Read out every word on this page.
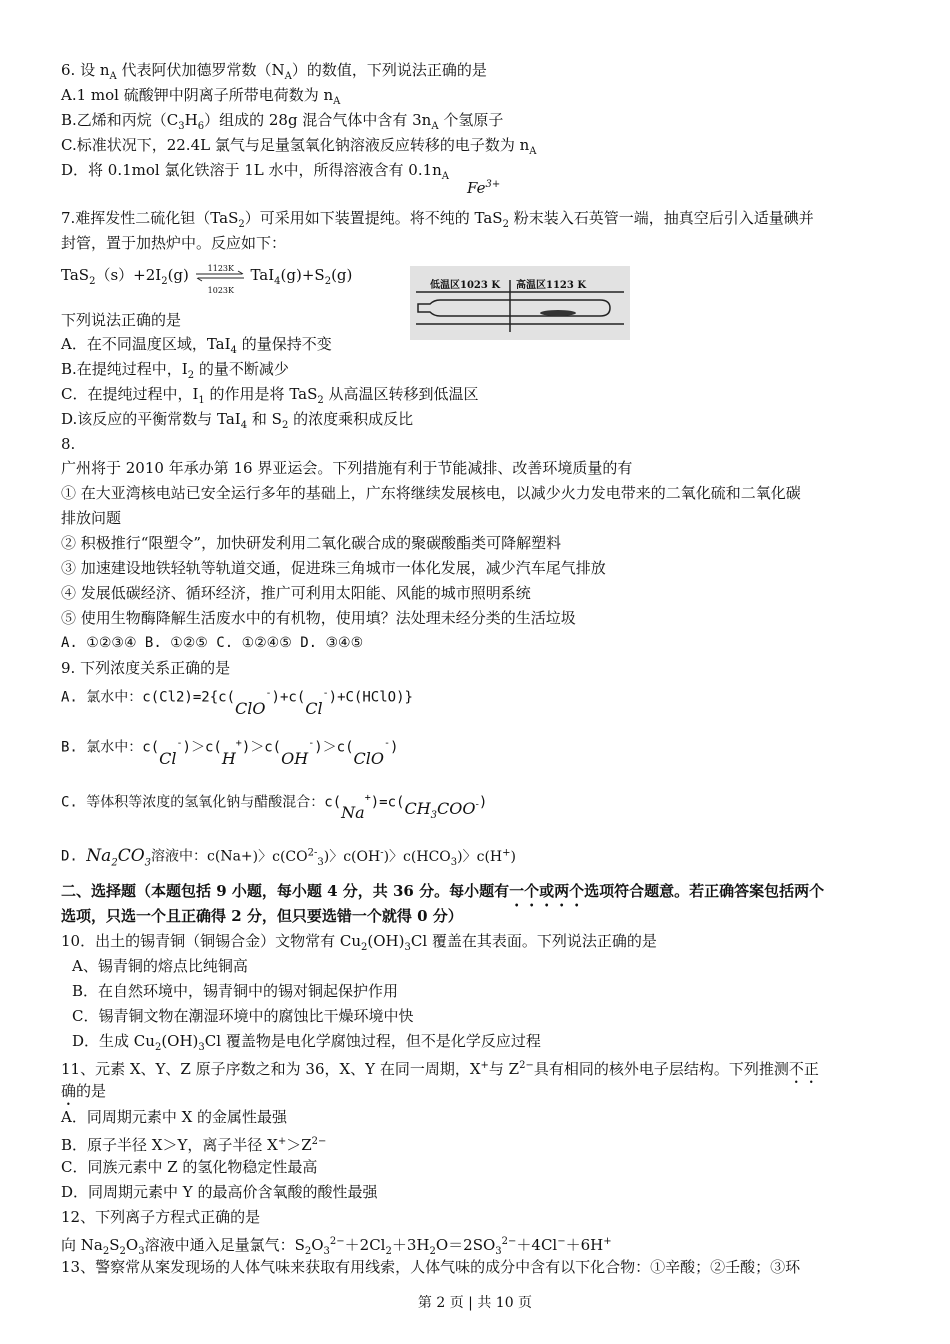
6. 设 $n_A$ 代表阿伏加德罗常数$(N_A)$的数值，下列说法正确的是
A.1 mol 硫酸钾中阴离子所带电荷数为 $n_A$
B.乙烯和丙烷$(C_3H_6)$组成的 28g 混合气体中含有 $3n_A$ 个氢原子
C.标准状况下，22.4L 氯气与足量氢氧化钠溶液反应转移的电子数为 $n_A$
D．将 0.1mol 氯化铁溶于 1L 水中，所得溶液含有 $0.1n_A$
$Fe^{3+}$
7.难挥发性二硫化钽（TaS$_2$）可采用如下装置提纯。将不纯的 TaS$_2$ 粉末装入石英管一端，抽真空后引入适量碘并
封管，置于加热炉中。反应如下：
$TaS_2(s)+2I_2(g)$ 1123K
1023K
$TaI_4(g)+S_2(g)$
低温区1023 K 高温区1123 K
下列说法正确的是
A．在不同温度区域，TaI$_4$ 的量保持不变
B.在提纯过程中，$I_2$ 的量不断减少
C．在提纯过程中，$I_1$ 的作用是将 TaS$_2$ 从高温区转移到低温区
D.该反应的平衡常数与 TaI$_4$ 和 $S_2$ 的浓度乘积成反比
8.
广州将于 2010 年承办第 16 界亚运会。下列措施有利于节能减排、改善环境质量的有
① 在大亚湾核电站已安全运行多年的基础上，广东将继续发展核电，以减少火力发电带来的二氧化硫和二氧化碳
排放问题
② 积极推行“限塑令”，加快研发利用二氧化碳合成的聚碳酸酯类可降解塑料
③ 加速建设地铁轻轨等轨道交通，促进珠三角城市一体化发展，减少汽车尾气排放
④ 发展低碳经济、循环经济，推广可利用太阳能、风能的城市照明系统
⑤ 使用生物酶降解生活废水中的有机物，使用填？法处理未经分类的生活垃圾
A. ①②③④ B. ①②⑤ C. ①②④⑤ D. ③④⑤
9. 下列浓度关系正确的是
A. 氯水中：c(Cl2)=2{c(ClO-)+c(Cl-)+C(HClO)}
B. 氯水中：c(Cl-)＞c(H+)＞c(OH-)＞c(ClO-)
C. 等体积等浓度的氢氧化钠与醋酸混合：$c(Na^+)=c(CH_3COO^-)$
D. $Na_2CO_3$溶液中：c(Na+)〉$c(CO^{2-}_3)$〉c(OH-)〉$c(HCO_3)$〉c(H+)
二、选择题（本题包括 9 小题，每小题 4 分，共 36 分。每小题有一个或两个选项符合题意。若正确答案包括两个
选项，只选一个且正确得 2 分，但只要选错一个就得 0 分）
10．出土的锡青铜（铜锡合金）文物常有 $Cu_2(OH)_3Cl$ 覆盖在其表面。下列说法正确的是
A、锡青铜的熔点比纯铜高
B．在自然环境中，锡青铜中的锡对铜起保护作用
C．锡青铜文物在潮湿环境中的腐蚀比干燥环境中快
D．生成 $Cu_2(OH)_3Cl$ 覆盖物是电化学腐蚀过程，但不是化学反应过程
11、元素 X、Y、Z 原子序数之和为 36，X、Y 在同一周期，X+与 $Z^{2-}$具有相同的核外电子层结构。下列推测不正
确的是
A．同周期元素中 X 的金属性最强
B．原子半径 X＞Y，离子半径 $X^+>Z^{2-}$
C．同族元素中 Z 的氢化物稳定性最高
D．同周期元素中 Y 的最高价含氧酸的酸性最强
12、下列离子方程式正确的是
向 $Na_2S_2O_3$溶液中通入足量氯气：$S_2O_3^{2-}+2Cl_2+3H_2O=2SO_3^{2-}+4Cl^-+6H^+$
13、警察常从案发现场的人体气味来获取有用线索，人体气味的成分中含有以下化合物：①辛酸；②壬酸；③环
第 2 页 | 共 10 页
